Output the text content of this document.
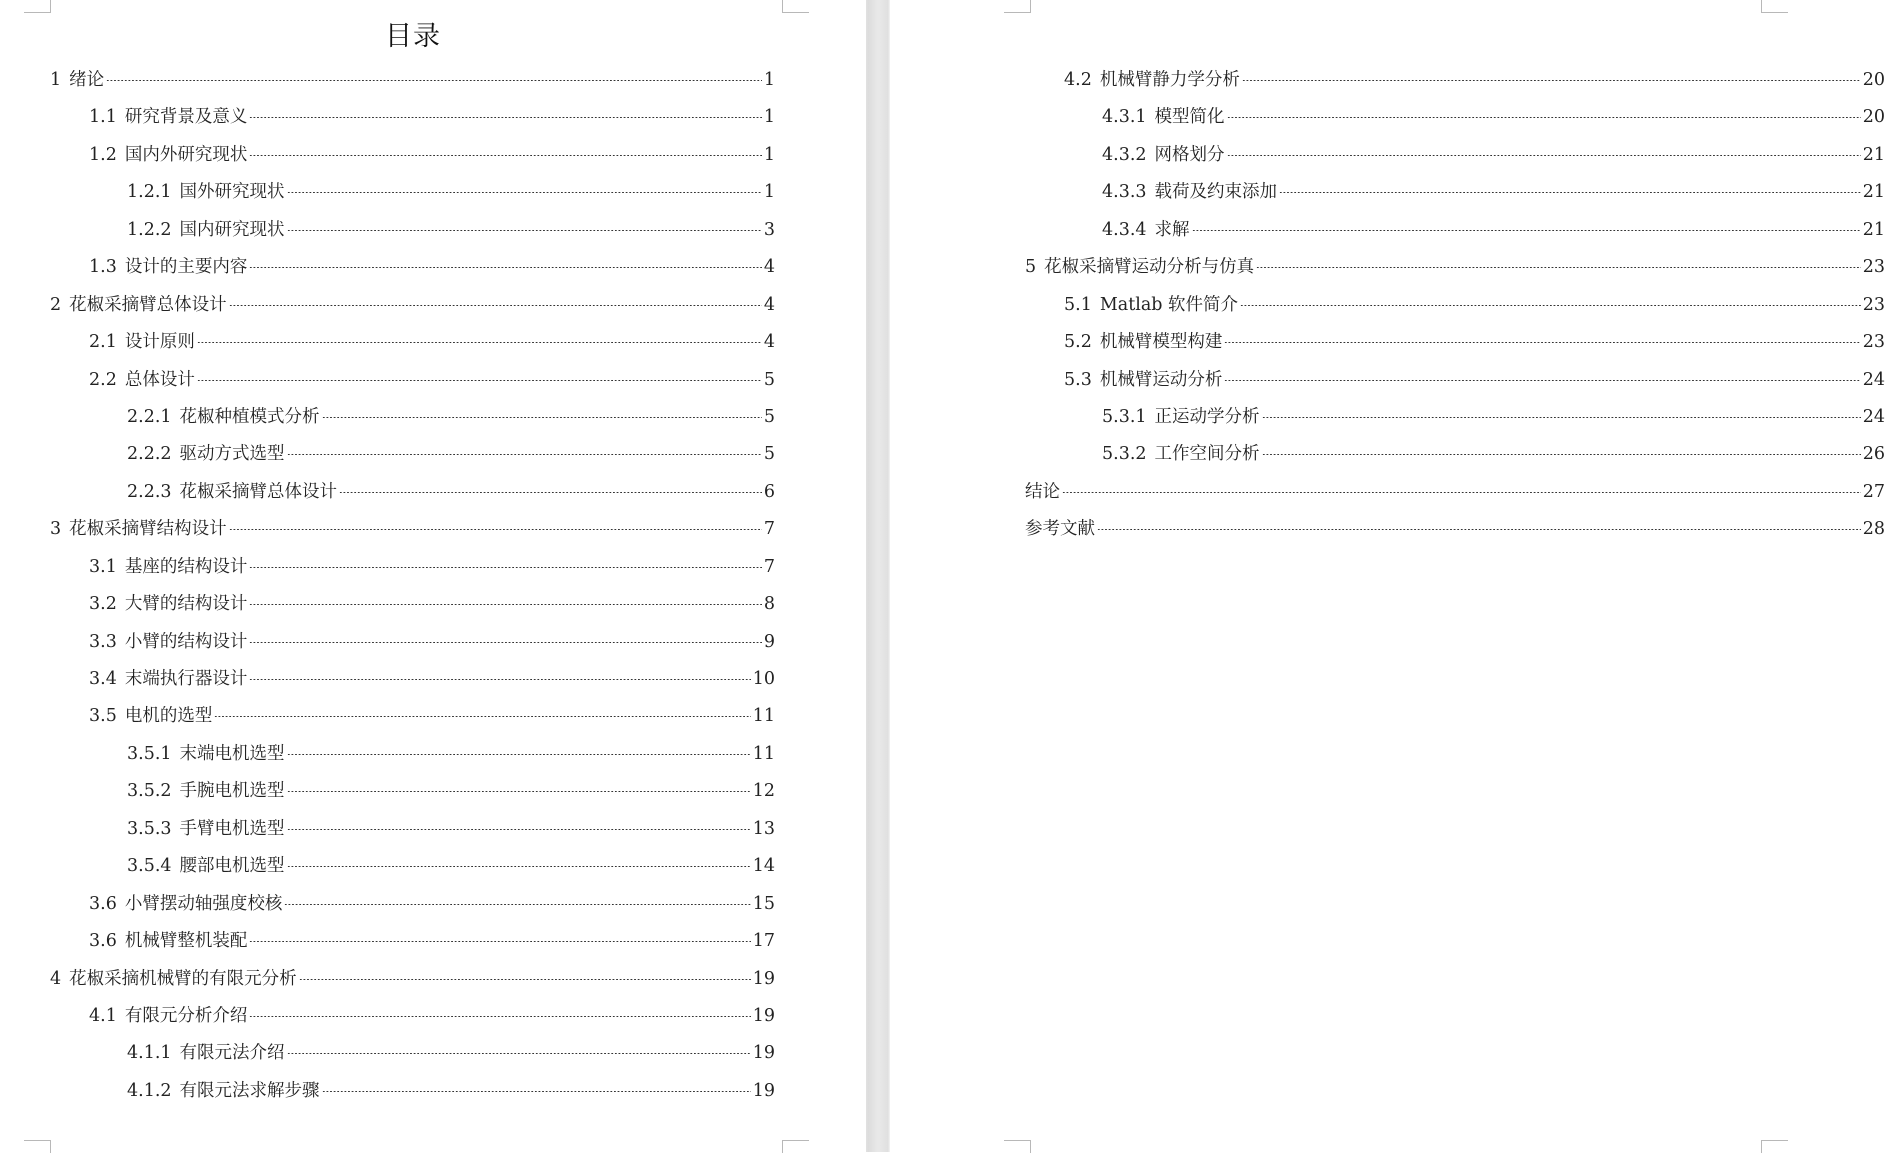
目录
1 绪论	1
1.1 研究背景及意义	1
1.2 国内外研究现状	1
1.2.1 国外研究现状	1
1.2.2 国内研究现状	3
1.3 设计的主要内容	4
2 花椒采摘臂总体设计	4
2.1 设计原则	4
2.2 总体设计	5
2.2.1 花椒种植模式分析	5
2.2.2 驱动方式选型	5
2.2.3 花椒采摘臂总体设计	6
3 花椒采摘臂结构设计	7
3.1 基座的结构设计	7
3.2 大臂的结构设计	8
3.3 小臂的结构设计	9
3.4 末端执行器设计	10
3.5 电机的选型	11
3.5.1 末端电机选型	11
3.5.2 手腕电机选型	12
3.5.3 手臂电机选型	13
3.5.4 腰部电机选型	14
3.6 小臂摆动轴强度校核	15
3.6 机械臂整机装配	17
4 花椒采摘机械臂的有限元分析	19
4.1 有限元分析介绍	19
4.1.1 有限元法介绍	19
4.1.2 有限元法求解步骤	19
4.2 机械臂静力学分析	20
4.3.1 模型简化	20
4.3.2 网格划分	21
4.3.3 载荷及约束添加	21
4.3.4 求解	21
5 花椒采摘臂运动分析与仿真	23
5.1 Matlab 软件简介	23
5.2 机械臂模型构建	23
5.3 机械臂运动分析	24
5.3.1 正运动学分析	24
5.3.2 工作空间分析	26
结论	27
参考文献	28
